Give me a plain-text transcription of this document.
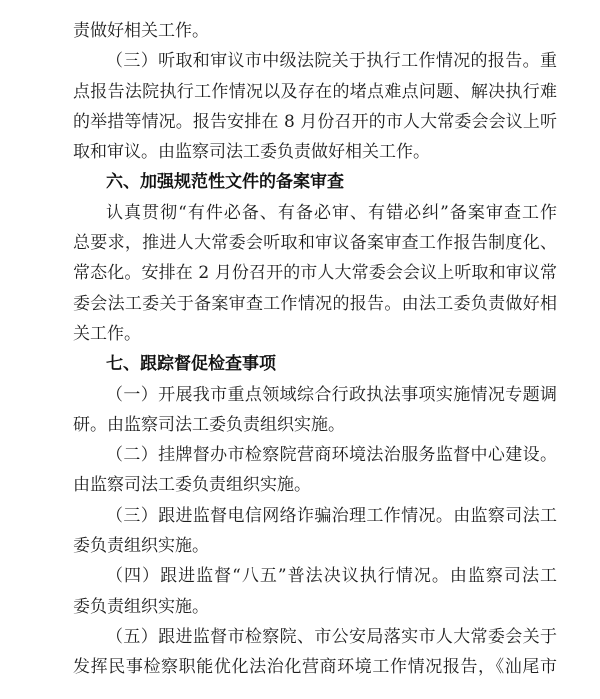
责做好相关工作。
（三）听取和审议市中级法院关于执行工作情况的报告。重
点报告法院执行工作情况以及存在的堵点难点问题、解决执行难
的举措等情况。报告安排在 8 月份召开的市人大常委会会议上听
取和审议。由监察司法工委负责做好相关工作。
六、加强规范性文件的备案审查
认真贯彻“有件必备、有备必审、有错必纠”备案审查工作
总要求，推进人大常委会听取和审议备案审查工作报告制度化、
常态化。安排在 2 月份召开的市人大常委会会议上听取和审议常
委会法工委关于备案审查工作情况的报告。由法工委负责做好相
关工作。
七、跟踪督促检查事项
（一）开展我市重点领域综合行政执法事项实施情况专题调
研。由监察司法工委负责组织实施。
（二）挂牌督办市检察院营商环境法治服务监督中心建设。
由监察司法工委负责组织实施。
（三）跟进监督电信网络诈骗治理工作情况。由监察司法工
委负责组织实施。
（四）跟进监督“八五”普法决议执行情况。由监察司法工
委负责组织实施。
（五）跟进监督市检察院、市公安局落实市人大常委会关于
发挥民事检察职能优化法治化营商环境工作情况报告，《汕尾市
